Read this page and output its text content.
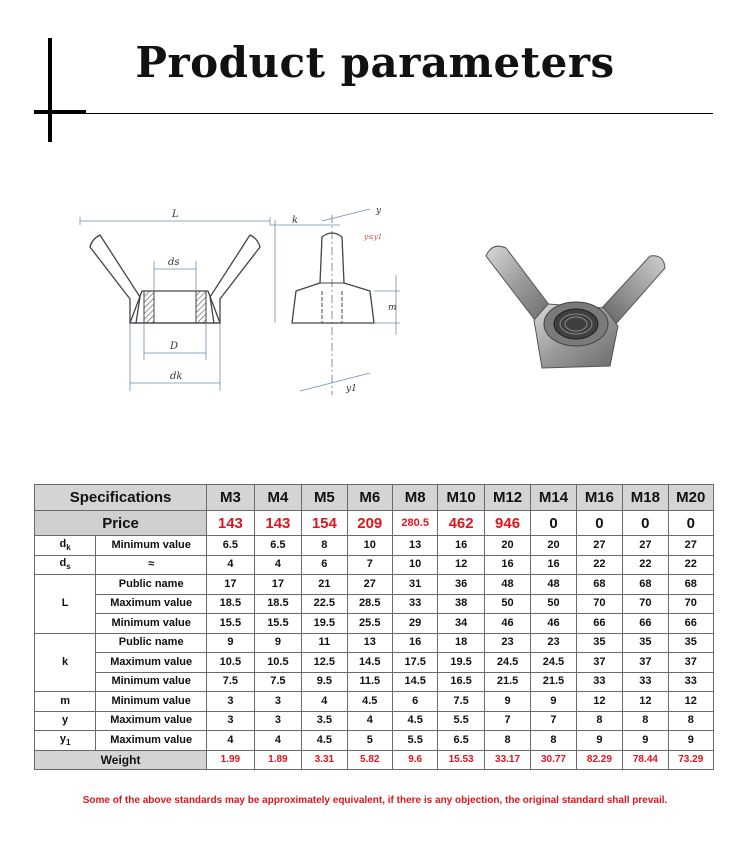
Product parameters
L
ds
D
dk
k
y
y≤y1
m
y1
Specifications		M3	M4	M5	M6	M8	M10	M12	M14	M16	M18	M20
Price		143	143	154	209	280.5	462	946	0	0	0	0
$d_k$	Minimum value	6.5	6.5	8	10	13	16	20	20	27	27	27
$d_s$	≈	4	4	6	7	10	12	16	16	22	22	22
L	Public name	17	17	21	27	31	36	48	48	68	68	68
	Maximum value	18.5	18.5	22.5	28.5	33	38	50	50	70	70	70
	Minimum value	15.5	15.5	19.5	25.5	29	34	46	46	66	66	66
k	Public name	9	9	11	13	16	18	23	23	35	35	35
	Maximum value	10.5	10.5	12.5	14.5	17.5	19.5	24.5	24.5	37	37	37
	Minimum value	7.5	7.5	9.5	11.5	14.5	16.5	21.5	21.5	33	33	33
m	Minimum value	3	3	4	4.5	6	7.5	9	9	12	12	12
y	Maximum value	3	3	3.5	4	4.5	5.5	7	7	8	8	8
$y_1$	Maximum value	4	4	4.5	5	5.5	6.5	8	8	9	9	9
Weight		1.99	1.89	3.31	5.82	9.6	15.53	33.17	30.77	82.29	78.44	73.29
Some of the above standards may be approximately equivalent, if there is any objection, the original standard shall prevail.
